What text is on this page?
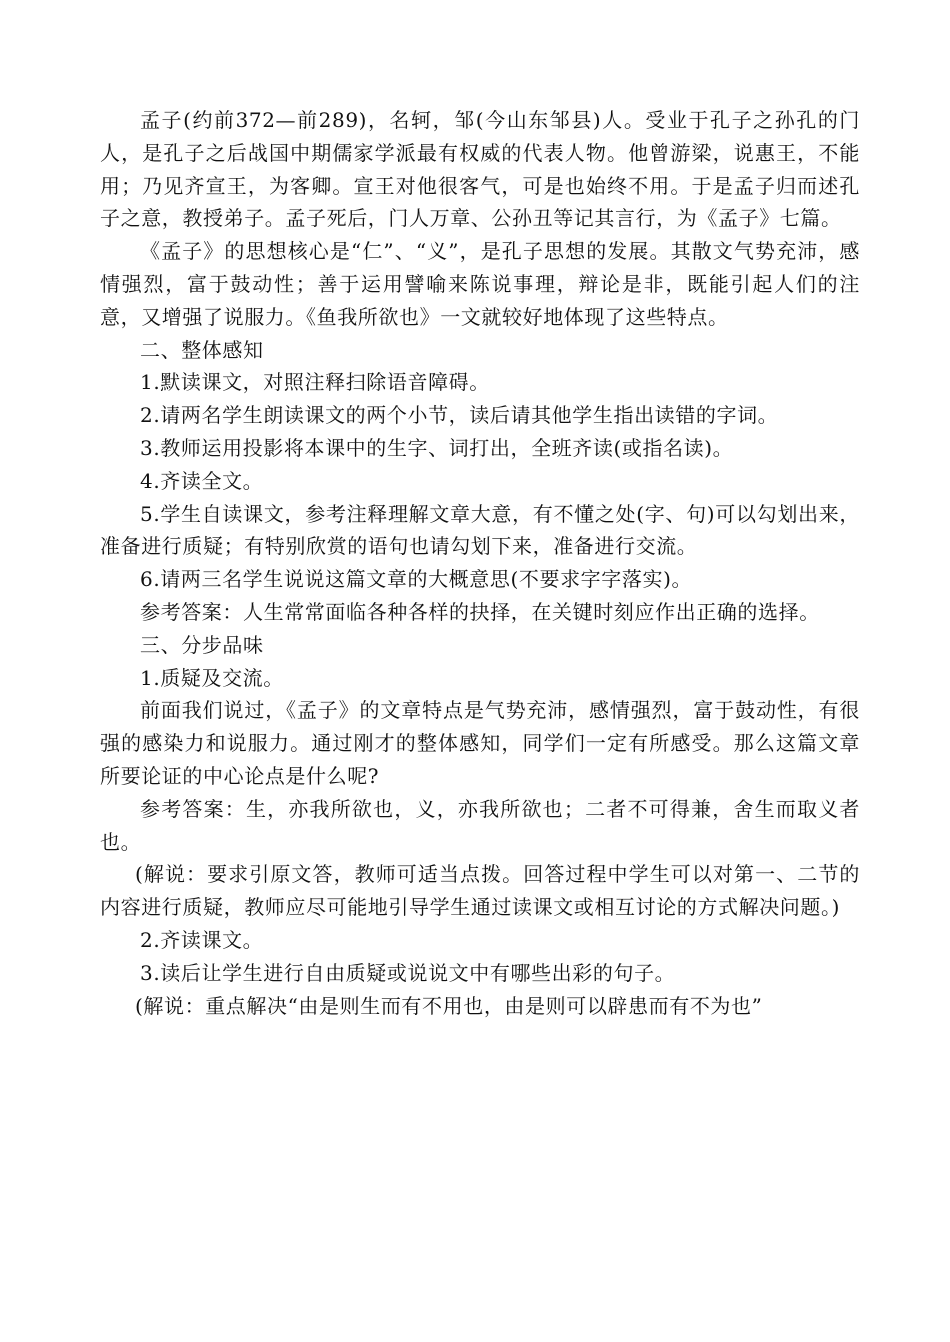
孟子(约前372—前289)，名轲，邹(今山东邹县)人。受业于孔子之孙孔的门人，是孔子之后战国中期儒家学派最有权威的代表人物。他曾游梁，说惠王，不能用；乃见齐宣王，为客卿。宣王对他很客气，可是也始终不用。于是孟子归而述孔子之意，教授弟子。孟子死后，门人万章、公孙丑等记其言行，为《孟子》七篇。

《孟子》的思想核心是“仁”、“义”，是孔子思想的发展。其散文气势充沛，感情强烈，富于鼓动性；善于运用譬喻来陈说事理，辩论是非，既能引起人们的注意，又增强了说服力。《鱼我所欲也》一文就较好地体现了这些特点。

二、整体感知

1.默读课文，对照注释扫除语音障碍。

2.请两名学生朗读课文的两个小节，读后请其他学生指出读错的字词。

3.教师运用投影将本课中的生字、词打出，全班齐读(或指名读)。

4.齐读全文。

5.学生自读课文，参考注释理解文章大意，有不懂之处(字、句)可以勾划出来，准备进行质疑；有特别欣赏的语句也请勾划下来，准备进行交流。

6.请两三名学生说说这篇文章的大概意思(不要求字字落实)。

参考答案：人生常常面临各种各样的抉择，在关键时刻应作出正确的选择。

三、分步品味

1.质疑及交流。

前面我们说过，《孟子》的文章特点是气势充沛，感情强烈，富于鼓动性，有很强的感染力和说服力。通过刚才的整体感知，同学们一定有所感受。那么这篇文章所要论证的中心论点是什么呢?

参考答案：生，亦我所欲也，义，亦我所欲也；二者不可得兼，舍生而取义者也。

(解说：要求引原文答，教师可适当点拨。回答过程中学生可以对第一、二节的内容进行质疑，教师应尽可能地引导学生通过读课文或相互讨论的方式解决问题。)

2.齐读课文。

3.读后让学生进行自由质疑或说说文中有哪些出彩的句子。

(解说：重点解决“由是则生而有不用也，由是则可以辟患而有不为也”
